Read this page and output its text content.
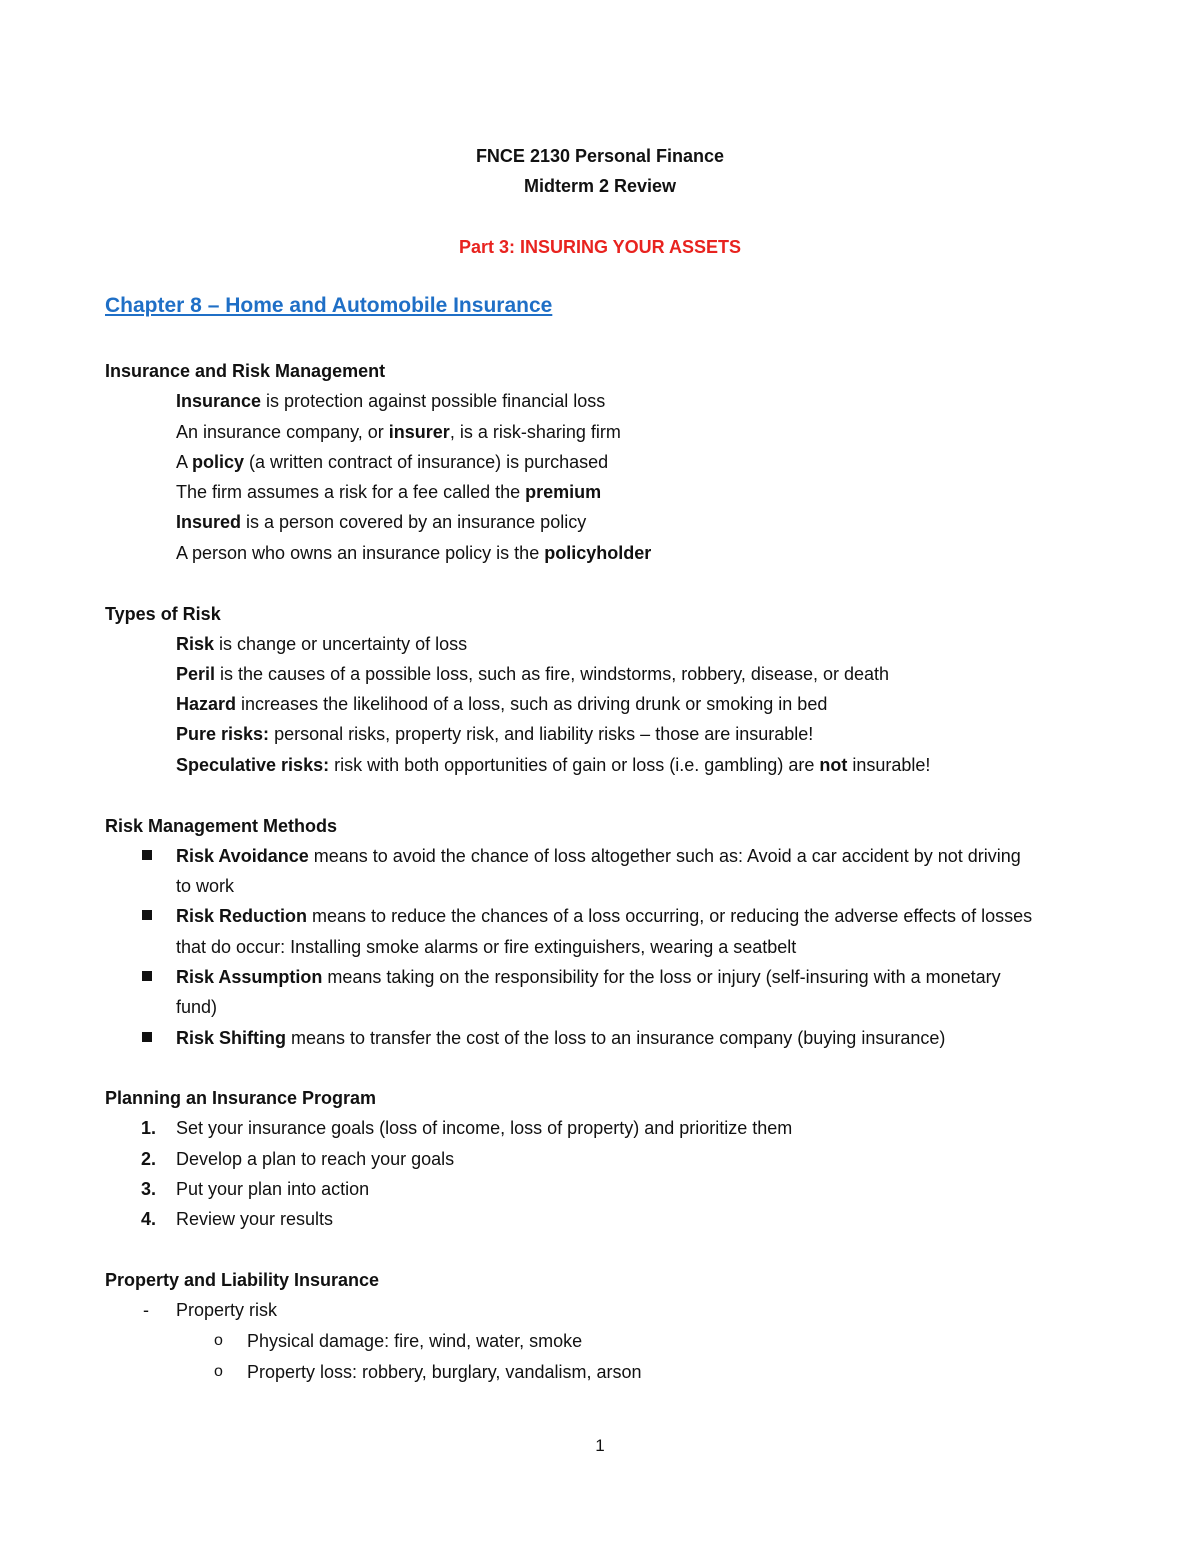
FNCE 2130 Personal Finance
Midterm 2 Review
Part 3: INSURING YOUR ASSETS
Chapter 8 – Home and Automobile Insurance
Insurance and Risk Management
Insurance is protection against possible financial loss
An insurance company, or insurer, is a risk-sharing firm
A policy (a written contract of insurance) is purchased
The firm assumes a risk for a fee called the premium
Insured is a person covered by an insurance policy
A person who owns an insurance policy is the policyholder
Types of Risk
Risk is change or uncertainty of loss
Peril is the causes of a possible loss, such as fire, windstorms, robbery, disease, or death
Hazard increases the likelihood of a loss, such as driving drunk or smoking in bed
Pure risks: personal risks, property risk, and liability risks – those are insurable!
Speculative risks: risk with both opportunities of gain or loss (i.e. gambling) are not insurable!
Risk Management Methods
Risk Avoidance means to avoid the chance of loss altogether such as: Avoid a car accident by not driving
to work
Risk Reduction means to reduce the chances of a loss occurring, or reducing the adverse effects of losses
that do occur: Installing smoke alarms or fire extinguishers, wearing a seatbelt
Risk Assumption means taking on the responsibility for the loss or injury (self-insuring with a monetary
fund)
Risk Shifting means to transfer the cost of the loss to an insurance company (buying insurance)
Planning an Insurance Program
1. Set your insurance goals (loss of income, loss of property) and prioritize them
2. Develop a plan to reach your goals
3. Put your plan into action
4. Review your results
Property and Liability Insurance
- Property risk
o Physical damage: fire, wind, water, smoke
o Property loss: robbery, burglary, vandalism, arson
1
